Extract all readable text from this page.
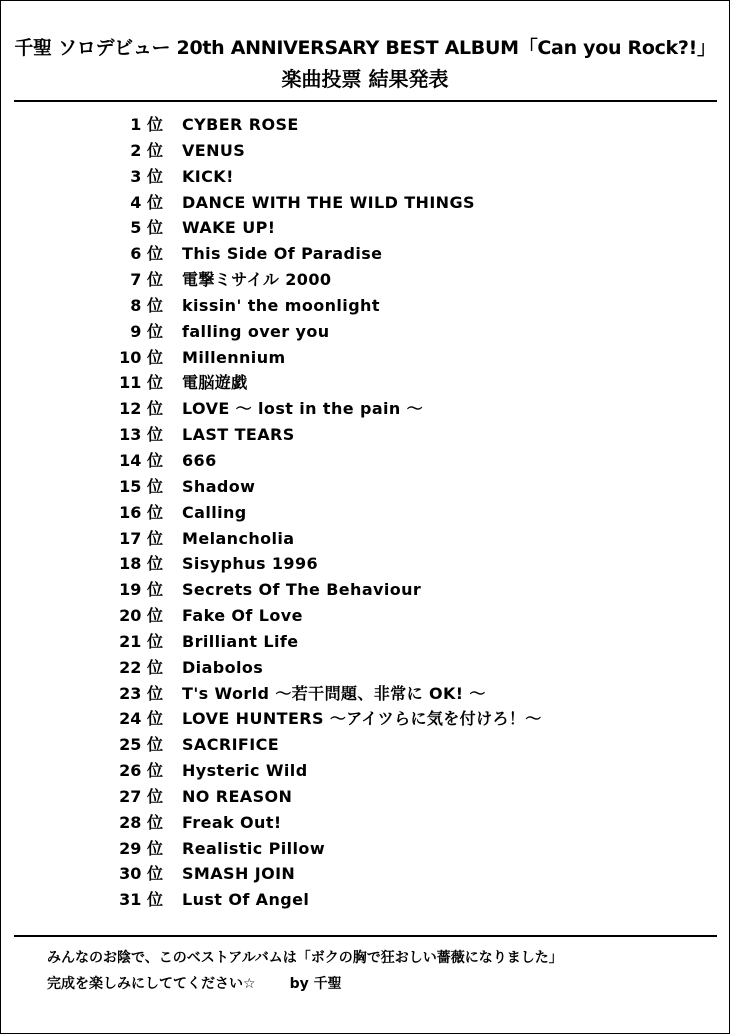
千聖 ソロデビュー 20th ANNIVERSARY BEST ALBUM「Can you Rock?!」
楽曲投票 結果発表
1 位 CYBER ROSE
2 位 VENUS
3 位 KICK!
4 位 DANCE WITH THE WILD THINGS
5 位 WAKE UP!
6 位 This Side Of Paradise
7 位 電撃ミサイル 2000
8 位 kissin' the moonlight
9 位 falling over you
10 位 Millennium
11 位 電脳遊戯
12 位 LOVE ～ lost in the pain ～
13 位 LAST TEARS
14 位 666
15 位 Shadow
16 位 Calling
17 位 Melancholia
18 位 Sisyphus 1996
19 位 Secrets Of The Behaviour
20 位 Fake Of Love
21 位 Brilliant Life
22 位 Diabolos
23 位 T's World ～若干問題、非常に OK! ～
24 位 LOVE HUNTERS ～アイツらに気を付けろ！～
25 位 SACRIFICE
26 位 Hysteric Wild
27 位 NO REASON
28 位 Freak Out!
29 位 Realistic Pillow
30 位 SMASH JOIN
31 位 Lust Of Angel
みんなのお陰で、このベストアルバムは「ボクの胸で狂おしい薔薇になりました」
完成を楽しみにしててください☆ by 千聖
